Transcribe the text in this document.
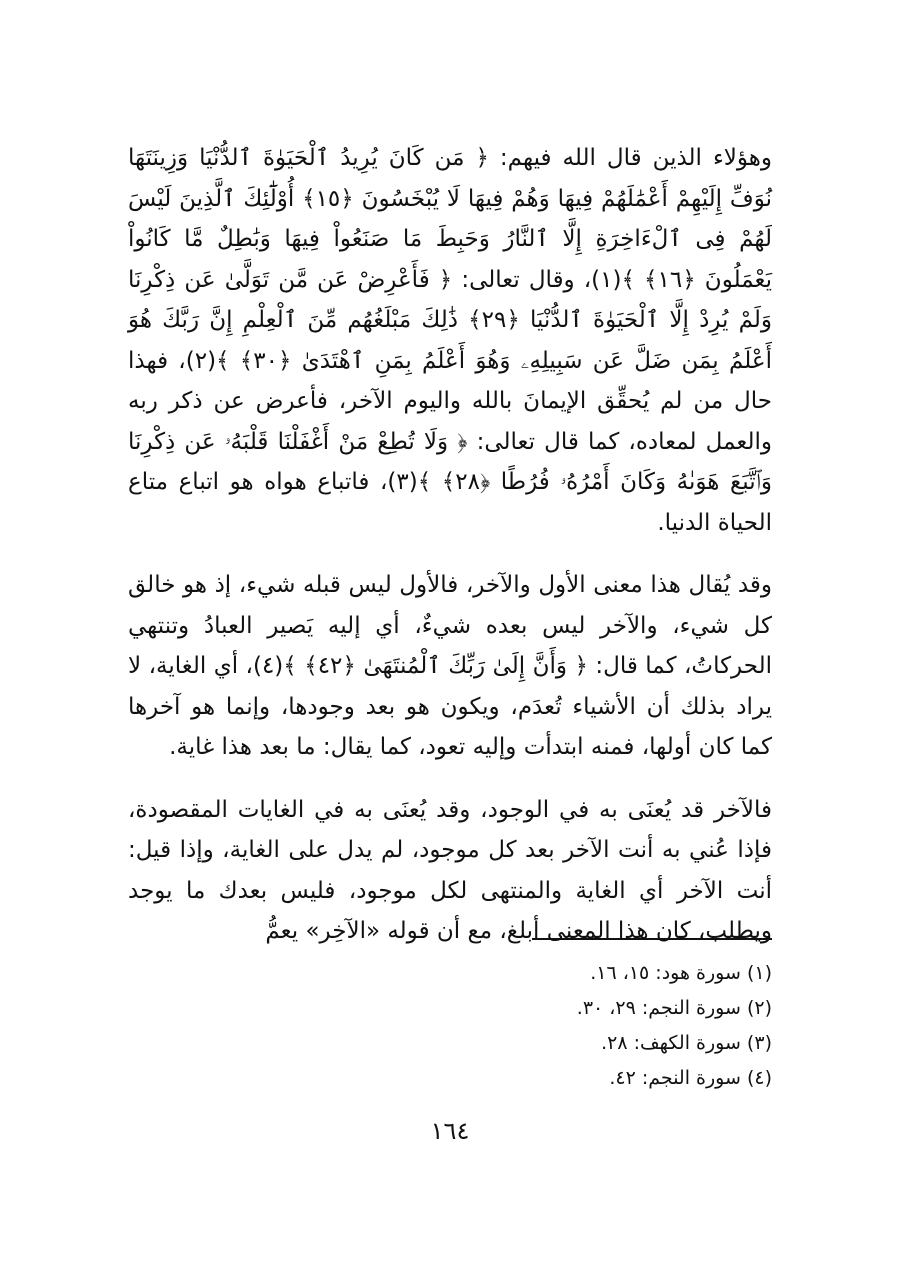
وهؤلاء الذين قال الله فيهم: ﴿ مَن كَانَ يُرِيدُ ٱلْحَيَوٰةَ ٱلدُّنْيَا وَزِينَتَهَا نُوَفِّ إِلَيْهِمْ أَعْمَٰلَهُمْ فِيهَا وَهُمْ فِيهَا لَا يُبْخَسُونَ ﴿١٥﴾ أُوْلَٰٓئِكَ ٱلَّذِينَ لَيْسَ لَهُمْ فِى ٱلْءَاخِرَةِ إِلَّا ٱلنَّارُ وَحَبِطَ مَا صَنَعُواْ فِيهَا وَبَٰطِلٌ مَّا كَانُواْ يَعْمَلُونَ ﴿١٦﴾ ﴾(١)، وقال تعالى: ﴿ فَأَعْرِضْ عَن مَّن تَوَلَّىٰ عَن ذِكْرِنَا وَلَمْ يُرِدْ إِلَّا ٱلْحَيَوٰةَ ٱلدُّنْيَا ﴿٢٩﴾ ذَٰلِكَ مَبْلَغُهُم مِّنَ ٱلْعِلْمِ إِنَّ رَبَّكَ هُوَ أَعْلَمُ بِمَن ضَلَّ عَن سَبِيلِهِۦ وَهُوَ أَعْلَمُ بِمَنِ ٱهْتَدَىٰ ﴿٣٠﴾ ﴾(٢)، فهذا حال من لم يُحقِّق الإيمانَ بالله واليوم الآخر، فأعرض عن ذكر ربه والعمل لمعاده، كما قال تعالى: ﴿ وَلَا تُطِعْ مَنْ أَغْفَلْنَا قَلْبَهُۥ عَن ذِكْرِنَا وَٱتَّبَعَ هَوَىٰهُ وَكَانَ أَمْرُهُۥ فُرُطًا ﴿٢٨﴾ ﴾(٣)، فاتباع هواه هو اتباع متاع الحياة الدنيا.

وقد يُقال هذا معنى الأول والآخر، فالأول ليس قبله شيء، إذ هو خالق كل شيء، والآخر ليس بعده شيءٌ، أي إليه يَصير العبادُ وتنتهي الحركاتُ، كما قال: ﴿ وَأَنَّ إِلَىٰ رَبِّكَ ٱلْمُنتَهَىٰ ﴿٤٢﴾ ﴾(٤)، أي الغاية، لا يراد بذلك أن الأشياء تُعدَم، ويكون هو بعد وجودها، وإنما هو آخرها كما كان أولها، فمنه ابتدأت وإليه تعود، كما يقال: ما بعد هذا غاية.

فالآخر قد يُعنَى به في الوجود، وقد يُعنَى به في الغايات المقصودة، فإذا عُني به أنت الآخر بعد كل موجود، لم يدل على الغاية، وإذا قيل: أنت الآخر أي الغاية والمنتهى لكل موجود، فليس بعدك ما يوجد ويطلب، كان هذا المعنى أبلغ، مع أن قوله «الآخِر» يعمُّ

(١) سورة هود: ١٥، ١٦.
(٢) سورة النجم: ٢٩، ٣٠.
(٣) سورة الكهف: ٢٨.
(٤) سورة النجم: ٤٢.
١٦٤
